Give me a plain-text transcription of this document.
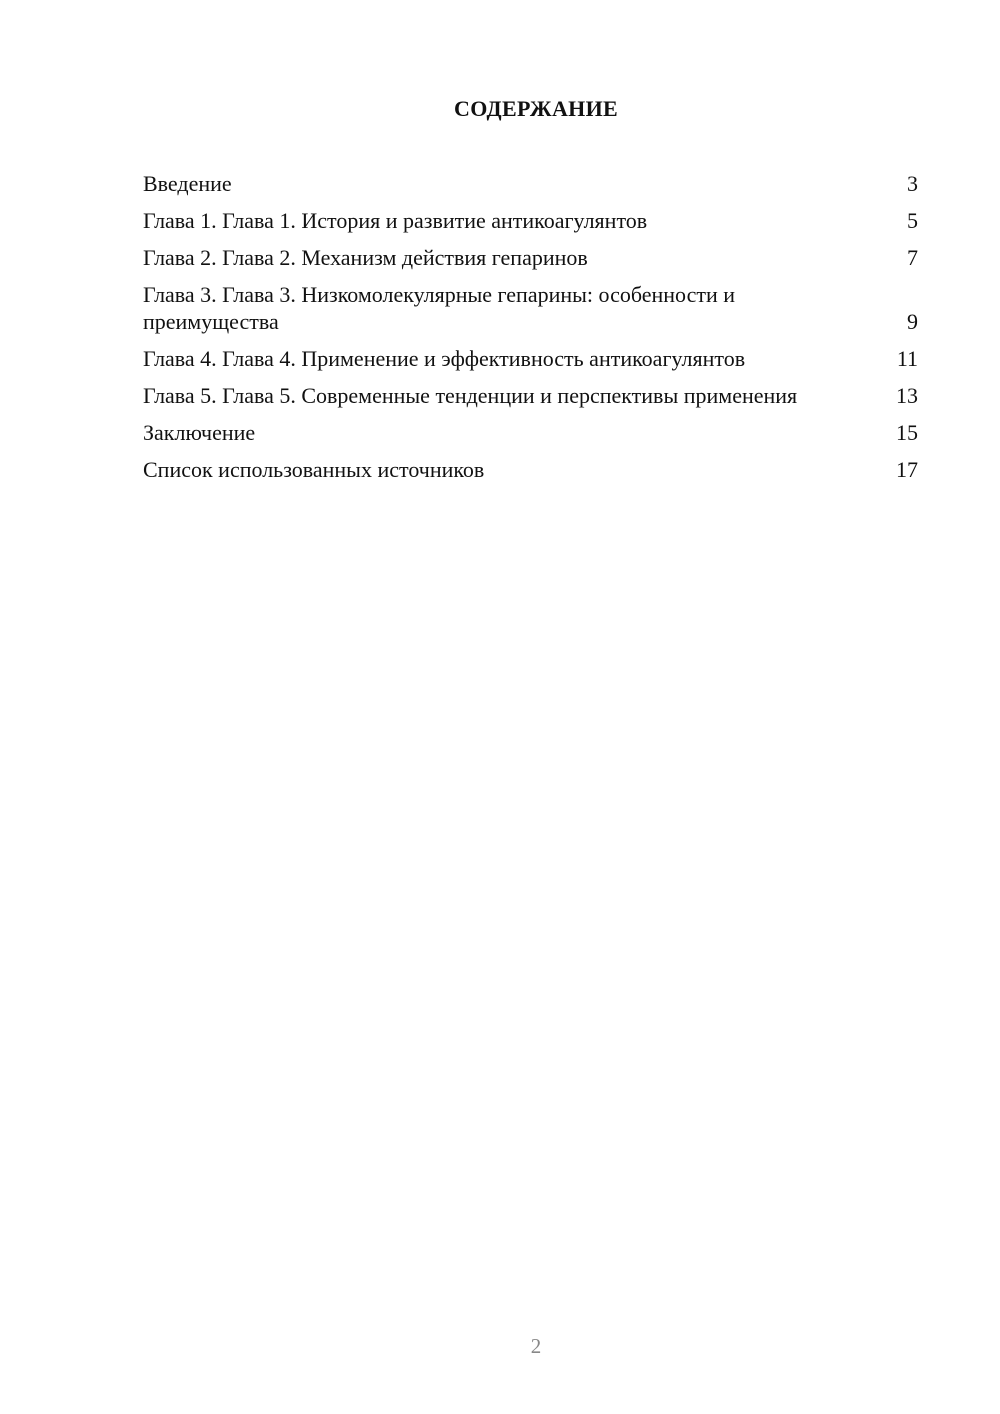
СОДЕРЖАНИЕ
Введение	3
Глава 1. Глава 1. История и развитие антикоагулянтов	5
Глава 2. Глава 2. Механизм действия гепаринов	7
Глава 3. Глава 3. Низкомолекулярные гепарины: особенности и преимущества	9
Глава 4. Глава 4. Применение и эффективность антикоагулянтов	11
Глава 5. Глава 5. Современные тенденции и перспективы применения	13
Заключение	15
Список использованных источников	17
2
